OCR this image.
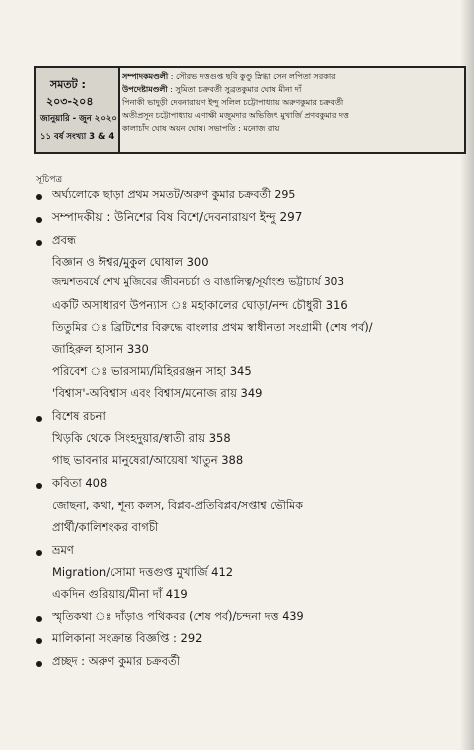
সমতট :
২০৩-২০৪
জানুয়ারি - জুন ২০২০
১১ বর্ষ সংখ্যা 3 & 4
সম্পাদকমণ্ডলী : সৌরভ দত্তগুপ্ত ছবি কুণ্ডু স্নিগ্ধা সেন লপিতা সরকার
উপদেষ্টামণ্ডলী : সুমিতা চক্রবর্তী সুব্রতকুমার ঘোষ মীনা দাঁ
পিনাকী ভাদুড়ী দেবনারায়ণ ইন্দু সলিল চট্টোপাধ্যায় অরুণকুমার চক্রবর্তী
অতীপ্রসূন চট্টোপাধ্যায় এণাক্ষী মজুমদার অভিজিৎ মুখার্জি প্রণবকুমার দত্ত
কালাচাঁদ ঘোষ অয়ন ঘোষ। সভাপতি : মনোজ রায়
সূচিপত্র
অর্ঘ্যলোকে ছাড়া প্রথম সমতট/অরুণ কুমার চক্রবর্তী 295
সম্পাদকীয় : উনিশের বিষ বিশে/দেবনারায়ণ ইন্দু 297
প্রবন্ধ
বিজ্ঞান ও ঈশ্বর/মুকুল ঘোষাল 300
জন্মশতবর্ষে শেখ মুজিবের জীবনচর্চা ও বাঙালিত্ব/সূর্যাংশু ভট্টাচার্য 303
একটি অসাধারণ উপন্যাস ঃ মহাকালের ঘোড়া/নন্দ চৌধুরী 316
তিতুমির ঃ ব্রিটিশের বিরুদ্ধে বাংলার প্রথম স্বাধীনতা সংগ্রামী (শেষ পর্ব)/
জাহিরুল হাসান 330
পরিবেশ ঃ ভারসাম্য/মিহিররঞ্জন সাহা 345
'বিশ্বাস'-অবিশ্বাস এবং বিশ্বাস/মনোজ রায় 349
বিশেষ রচনা
খিড়কি থেকে সিংহদুয়ার/স্বাতী রায় 358
গাছ ভাবনার মানুষেরা/আয়েষা খাতুন 388
কবিতা 408
জোছনা, কথা, শূন্য কলস, বিপ্লব-প্রতিবিপ্লব/সপ্তাশ্ব ভৌমিক
প্রার্থী/কালিশংকর বাগচী
ভ্রমণ
Migration/সোমা দত্তগুপ্ত মুখার্জি 412
একদিন গুরিয়ায়/মীনা দাঁ 419
স্মৃতিকথা ঃ দাঁড়াও পথিকবর (শেষ পর্ব)/চন্দনা দত্ত 439
মালিকানা সংক্রান্ত বিজ্ঞপ্তি : 292
প্রচ্ছদ : অরুণ কুমার চক্রবর্তী
